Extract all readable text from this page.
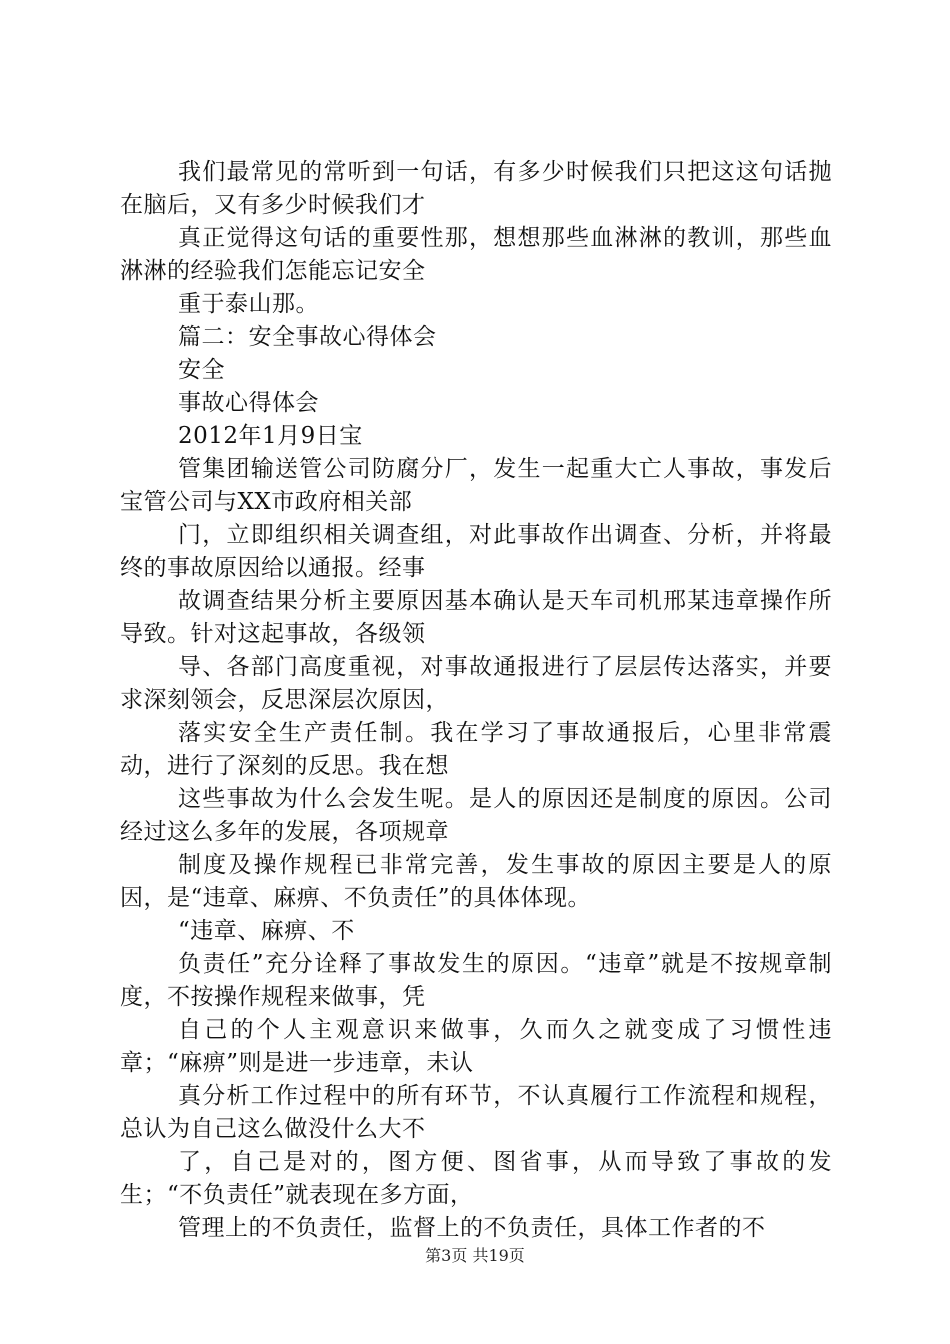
我们最常见的常听到一句话，有多少时候我们只把这这句话抛在脑后，又有多少时候我们才

真正觉得这句话的重要性那，想想那些血淋淋的教训，那些血淋淋的经验我们怎能忘记安全

重于泰山那。

篇二：安全事故心得体会

安全

事故心得体会

2012年1月9日宝

管集团输送管公司防腐分厂，发生一起重大亡人事故，事发后宝管公司与XX市政府相关部

门，立即组织相关调查组，对此事故作出调查、分析，并将最终的事故原因给以通报。经事

故调查结果分析主要原因基本确认是天车司机邢某违章操作所导致。针对这起事故，各级领

导、各部门高度重视，对事故通报进行了层层传达落实，并要求深刻领会，反思深层次原因，

落实安全生产责任制。我在学习了事故通报后，心里非常震动，进行了深刻的反思。我在想

这些事故为什么会发生呢。是人的原因还是制度的原因。公司经过这么多年的发展，各项规章

制度及操作规程已非常完善，发生事故的原因主要是人的原因，是“违章、麻痹、不负责任”的具体体现。

“违章、麻痹、不

负责任”充分诠释了事故发生的原因。“违章”就是不按规章制度，不按操作规程来做事，凭

自己的个人主观意识来做事，久而久之就变成了习惯性违章；“麻痹”则是进一步违章，未认

真分析工作过程中的所有环节，不认真履行工作流程和规程，总认为自己这么做没什么大不

了，自己是对的，图方便、图省事，从而导致了事故的发生；“不负责任”就表现在多方面，

管理上的不负责任，监督上的不负责任，具体工作者的不

第3页 共19页
